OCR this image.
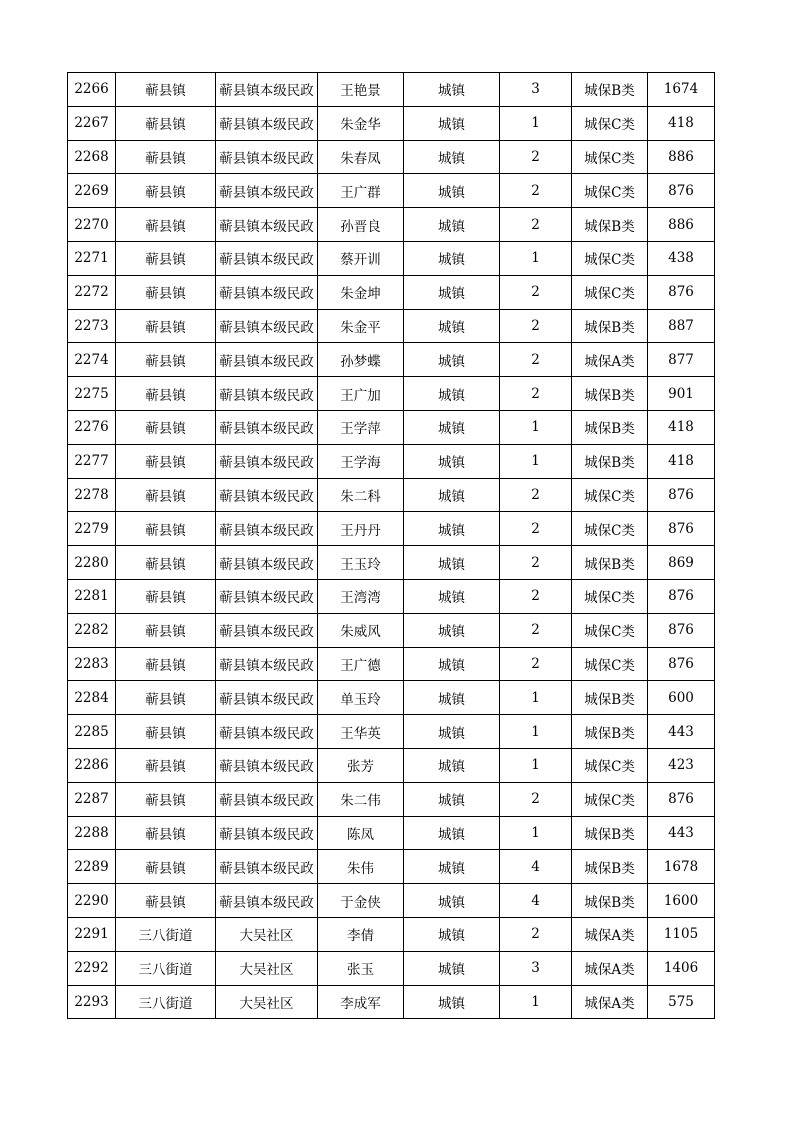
2266	蕲县镇	蕲县镇本级民政	王艳景	城镇	3	城保B类	1674
2267	蕲县镇	蕲县镇本级民政	朱金华	城镇	1	城保C类	418
2268	蕲县镇	蕲县镇本级民政	朱春凤	城镇	2	城保C类	886
2269	蕲县镇	蕲县镇本级民政	王广群	城镇	2	城保C类	876
2270	蕲县镇	蕲县镇本级民政	孙晋良	城镇	2	城保B类	886
2271	蕲县镇	蕲县镇本级民政	蔡开训	城镇	1	城保C类	438
2272	蕲县镇	蕲县镇本级民政	朱金坤	城镇	2	城保C类	876
2273	蕲县镇	蕲县镇本级民政	朱金平	城镇	2	城保B类	887
2274	蕲县镇	蕲县镇本级民政	孙梦蝶	城镇	2	城保A类	877
2275	蕲县镇	蕲县镇本级民政	王广加	城镇	2	城保B类	901
2276	蕲县镇	蕲县镇本级民政	王学萍	城镇	1	城保B类	418
2277	蕲县镇	蕲县镇本级民政	王学海	城镇	1	城保B类	418
2278	蕲县镇	蕲县镇本级民政	朱二科	城镇	2	城保C类	876
2279	蕲县镇	蕲县镇本级民政	王丹丹	城镇	2	城保C类	876
2280	蕲县镇	蕲县镇本级民政	王玉玲	城镇	2	城保B类	869
2281	蕲县镇	蕲县镇本级民政	王湾湾	城镇	2	城保C类	876
2282	蕲县镇	蕲县镇本级民政	朱威风	城镇	2	城保C类	876
2283	蕲县镇	蕲县镇本级民政	王广德	城镇	2	城保C类	876
2284	蕲县镇	蕲县镇本级民政	单玉玲	城镇	1	城保B类	600
2285	蕲县镇	蕲县镇本级民政	王华英	城镇	1	城保B类	443
2286	蕲县镇	蕲县镇本级民政	张芳	城镇	1	城保C类	423
2287	蕲县镇	蕲县镇本级民政	朱二伟	城镇	2	城保C类	876
2288	蕲县镇	蕲县镇本级民政	陈凤	城镇	1	城保B类	443
2289	蕲县镇	蕲县镇本级民政	朱伟	城镇	4	城保B类	1678
2290	蕲县镇	蕲县镇本级民政	于金侠	城镇	4	城保B类	1600
2291	三八街道	大吴社区	李倩	城镇	2	城保A类	1105
2292	三八街道	大吴社区	张玉	城镇	3	城保A类	1406
2293	三八街道	大吴社区	李成军	城镇	1	城保A类	575
